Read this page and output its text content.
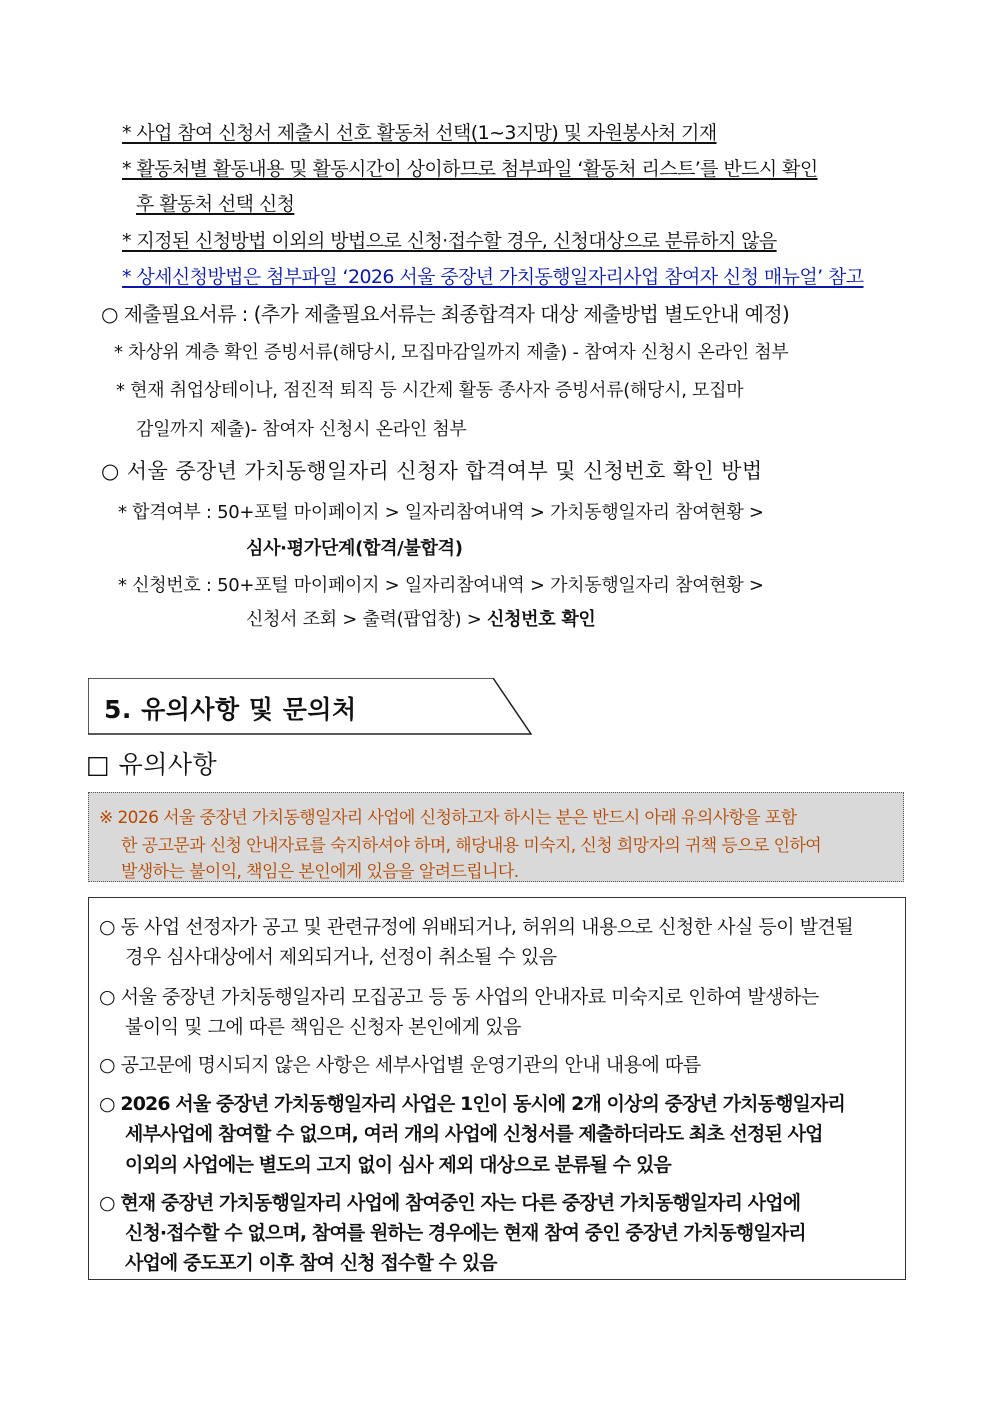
* 사업 참여 신청서 제출시 선호 활동처 선택(1~3지망) 및 자원봉사처 기재
* 활동처별 활동내용 및 활동시간이 상이하므로 첨부파일 ‘활동처 리스트’를 반드시 확인
후 활동처 선택 신청
* 지정된 신청방법 이외의 방법으로 신청·접수할 경우, 신청대상으로 분류하지 않음
* 상세신청방법은 첨부파일 ‘2026 서울 중장년 가치동행일자리사업 참여자 신청 매뉴얼’ 참고
○ 제출필요서류 : (추가 제출필요서류는 최종합격자 대상 제출방법 별도안내 예정)
* 차상위 계층 확인 증빙서류(해당시, 모집마감일까지 제출) - 참여자 신청시 온라인 첨부
* 현재 취업상테이나, 점진적 퇴직 등 시간제 활동 종사자 증빙서류(해당시, 모집마
감일까지 제출)- 참여자 신청시 온라인 첨부
○ 서울 중장년 가치동행일자리 신청자 합격여부 및 신청번호 확인 방법
* 합격여부 : 50+포털 마이페이지 > 일자리참여내역 > 가치동행일자리 참여현황 >
심사·평가단계(합격/불합격)
* 신청번호 : 50+포털 마이페이지 > 일자리참여내역 > 가치동행일자리 참여현황 >
신청서 조회 > 출력(팝업창) > 신청번호 확인
5. 유의사항 및 문의처
□ 유의사항
※ 2026 서울 중장년 가치동행일자리 사업에 신청하고자 하시는 분은 반드시 아래 유의사항을 포함
한 공고문과 신청 안내자료를 숙지하셔야 하며, 해당내용 미숙지, 신청 희망자의 귀책 등으로 인하여
발생하는 불이익, 책임은 본인에게 있음을 알려드립니다.
○ 동 사업 선정자가 공고 및 관련규정에 위배되거나, 허위의 내용으로 신청한 사실 등이 발견될
경우 심사대상에서 제외되거나, 선정이 취소될 수 있음
○ 서울 중장년 가치동행일자리 모집공고 등 동 사업의 안내자료 미숙지로 인하여 발생하는
불이익 및 그에 따른 책임은 신청자 본인에게 있음
○ 공고문에 명시되지 않은 사항은 세부사업별 운영기관의 안내 내용에 따름
○ 2026 서울 중장년 가치동행일자리 사업은 1인이 동시에 2개 이상의 중장년 가치동행일자리
세부사업에 참여할 수 없으며, 여러 개의 사업에 신청서를 제출하더라도 최초 선정된 사업
이외의 사업에는 별도의 고지 없이 심사 제외 대상으로 분류될 수 있음
○ 현재 중장년 가치동행일자리 사업에 참여중인 자는 다른 중장년 가치동행일자리 사업에
신청·접수할 수 없으며, 참여를 원하는 경우에는 현재 참여 중인 중장년 가치동행일자리
사업에 중도포기 이후 참여 신청 접수할 수 있음
